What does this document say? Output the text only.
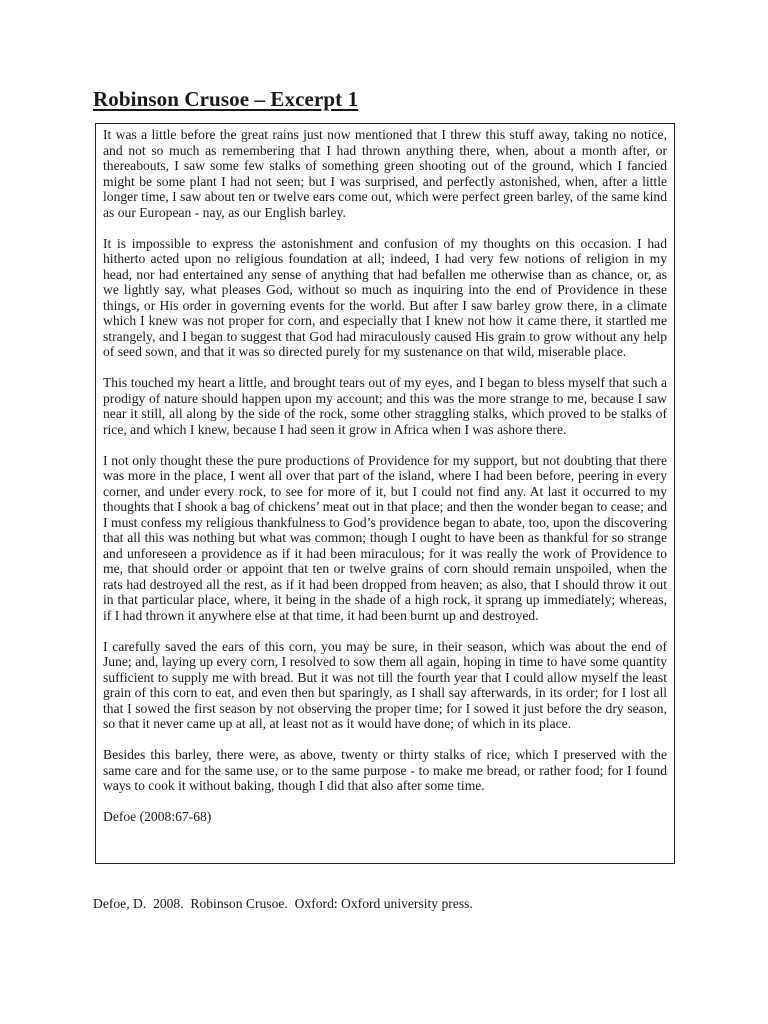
Robinson Crusoe – Excerpt 1

It was a little before the great rains just now mentioned that I threw this stuff away, taking no notice, and not so much as remembering that I had thrown anything there, when, about a month after, or thereabouts, I saw some few stalks of something green shooting out of the ground, which I fancied might be some plant I had not seen; but I was surprised, and perfectly astonished, when, after a little longer time, I saw about ten or twelve ears come out, which were perfect green barley, of the same kind as our European - nay, as our English barley.

It is impossible to express the astonishment and confusion of my thoughts on this occasion. I had hitherto acted upon no religious foundation at all; indeed, I had very few notions of religion in my head, nor had entertained any sense of anything that had befallen me otherwise than as chance, or, as we lightly say, what pleases God, without so much as inquiring into the end of Providence in these things, or His order in governing events for the world. But after I saw barley grow there, in a climate which I knew was not proper for corn, and especially that I knew not how it came there, it startled me strangely, and I began to suggest that God had miraculously caused His grain to grow without any help of seed sown, and that it was so directed purely for my sustenance on that wild, miserable place.

This touched my heart a little, and brought tears out of my eyes, and I began to bless myself that such a prodigy of nature should happen upon my account; and this was the more strange to me, because I saw near it still, all along by the side of the rock, some other straggling stalks, which proved to be stalks of rice, and which I knew, because I had seen it grow in Africa when I was ashore there.

I not only thought these the pure productions of Providence for my support, but not doubting that there was more in the place, I went all over that part of the island, where I had been before, peering in every corner, and under every rock, to see for more of it, but I could not find any. At last it occurred to my thoughts that I shook a bag of chickens’ meat out in that place; and then the wonder began to cease; and I must confess my religious thankfulness to God’s providence began to abate, too, upon the discovering that all this was nothing but what was common; though I ought to have been as thankful for so strange and unforeseen a providence as if it had been miraculous; for it was really the work of Providence to me, that should order or appoint that ten or twelve grains of corn should remain unspoiled, when the rats had destroyed all the rest, as if it had been dropped from heaven; as also, that I should throw it out in that particular place, where, it being in the shade of a high rock, it sprang up immediately; whereas, if I had thrown it anywhere else at that time, it had been burnt up and destroyed.

I carefully saved the ears of this corn, you may be sure, in their season, which was about the end of June; and, laying up every corn, I resolved to sow them all again, hoping in time to have some quantity sufficient to supply me with bread. But it was not till the fourth year that I could allow myself the least grain of this corn to eat, and even then but sparingly, as I shall say afterwards, in its order; for I lost all that I sowed the first season by not observing the proper time; for I sowed it just before the dry season, so that it never came up at all, at least not as it would have done; of which in its place.

Besides this barley, there were, as above, twenty or thirty stalks of rice, which I preserved with the same care and for the same use, or to the same purpose - to make me bread, or rather food; for I found ways to cook it without baking, though I did that also after some time.

Defoe (2008:67-68)

Defoe, D.  2008.  Robinson Crusoe.  Oxford: Oxford university press.
